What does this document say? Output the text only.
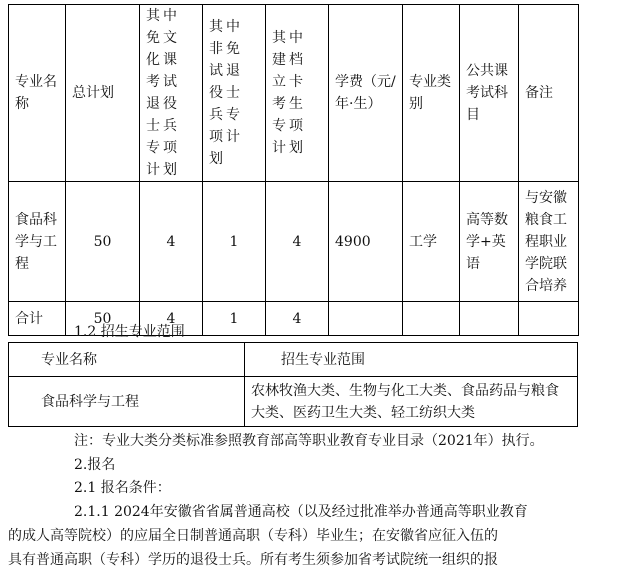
专业名称	总计划	其中免文化课考试退役士兵专项计划	其中非免试退役士兵专项计划	其中建档立卡考生专项计划	学费（元/年·生）	专业类别	公共课考试科目	备注
食品科学与工程	50	4	1	4	4900	工学	高等数学+英语	与安徽粮食工程职业学院联合培养
合计	50	4	1	4				
1.2 招生专业范围
专业名称	招生专业范围
食品科学与工程	农林牧渔大类、生物与化工大类、食品药品与粮食大类、医药卫生大类、轻工纺织大类
注：专业大类分类标准参照教育部高等职业教育专业目录（2021年）执行。
2.报名
2.1 报名条件：
2.1.1 2024年安徽省省属普通高校（以及经过批准举办普通高等职业教育
的成人高等院校）的应届全日制普通高职（专科）毕业生；在安徽省应征入伍的
具有普通高职（专科）学历的退役士兵。所有考生须参加省考试院统一组织的报
